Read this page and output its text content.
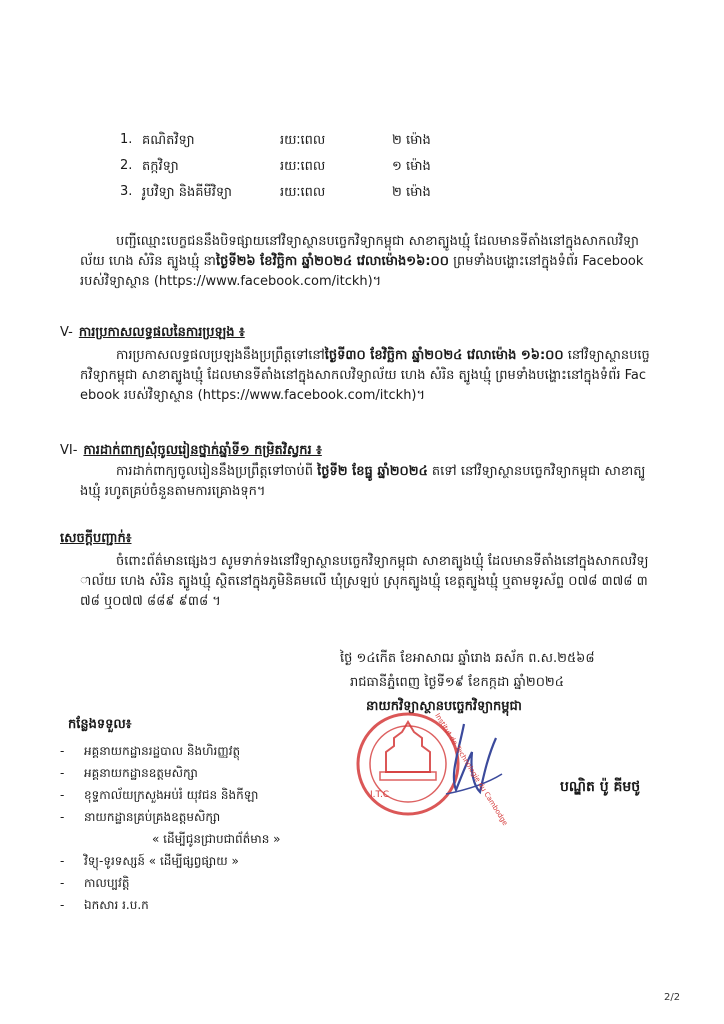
1. គណិតវិទ្យា	រយៈពេល	២ ម៉ោង
2. តក្កវិទ្យា	រយៈពេល	១ ម៉ោង
3. រូបវិទ្យា និងគីមីវិទ្យា	រយៈពេល	២ ម៉ោង
បញ្ជីឈ្មោះបេក្ខជននឹងបិទផ្សាយនៅវិទ្យាស្ថានបច្ចេកវិទ្យាកម្ពុជា សាខាត្បូងឃ្មុំ ដែលមានទីតាំងនៅក្នុងសាកលវិទ្យាល័យ ហេង សំរិន ត្បូងឃ្មុំ នាថ្ងៃទី២៦ ខែវិច្ឆិកា ឆ្នាំ២០២៤ វេលាម៉ោង១៦:០០ ព្រមទាំងបង្ហោះនៅក្នុងទំព័រ Facebook របស់វិទ្យាស្ថាន (https://www.facebook.com/itckh)។
V- ការប្រកាសលទ្ធផលនៃការប្រឡង ៖
ការប្រកាសលទ្ធផលប្រឡងនឹងប្រព្រឹត្តទៅនៅថ្ងៃទី៣០ ខែវិច្ឆិកា ឆ្នាំ២០២៤ វេលាម៉ោង ១៦:០០ នៅវិទ្យាស្ថានបច្ចេកវិទ្យាកម្ពុជា សាខាត្បូងឃ្មុំ ដែលមានទីតាំងនៅក្នុងសាកលវិទ្យាល័យ ហេង សំរិន ត្បូងឃ្មុំ ព្រមទាំងបង្ហោះនៅក្នុងទំព័រ Facebook របស់វិទ្យាស្ថាន (https://www.facebook.com/itckh)។
VI- ការដាក់ពាក្យសុំចូលរៀនថ្នាក់ឆ្នាំទី១ កម្រិតវិស្វករ ៖
ការដាក់ពាក្យចូលរៀននឹងប្រព្រឹត្តទៅចាប់ពី ថ្ងៃទី២ ខែធ្នូ ឆ្នាំ២០២៤ តទៅ នៅវិទ្យាស្ថានបច្ចេកវិទ្យាកម្ពុជា សាខាត្បូងឃ្មុំ រហូតគ្រប់ចំនួនតាមការគ្រោងទុក។
សេចក្តីបញ្ជាក់៖
ចំពោះព័ត៌មានផ្សេងៗ សូមទាក់ទងនៅវិទ្យាស្ថានបច្ចេកវិទ្យាកម្ពុជា សាខាត្បូងឃ្មុំ ដែលមានទីតាំងនៅក្នុងសាកលវិទ្យាល័យ ហេង សំរិន ត្បូងឃ្មុំ ស្ថិតនៅក្នុងភូមិនិគមលើ ឃុំស្រឡប់ ស្រុកត្បូងឃ្មុំ ខេត្តត្បូងឃ្មុំ ឬតាមទូរស័ព្ទ ០៧៨ ៣៧៨ ៣៧៨ ឬ០៧៧ ៨៨៩ ៩៣៨ ។
ថ្ងៃ ១៤កើត ខែអាសាឍ ឆ្នាំរោង ឆស័ក ព.ស.២៥៦៨
រាជធានីភ្នំពេញ ថ្ងៃទី១៩ ខែកក្កដា ឆ្នាំ២០២៤
នាយកវិទ្យាស្ថានបច្ចេកវិទ្យាកម្ពុជា
I.T.C	Institut de Technologie du Cambodge	បណ្ឌិត ប៉ូ គីមថូ
កន្លែងទទួល៖
- អគ្គនាយកដ្ឋានរដ្ឋបាល និងហិរញ្ញវត្ថុ
- អគ្គនាយកដ្ឋានឧត្តមសិក្សា
- ខុទ្ទកាល័យក្រសួងអប់រំ យុវជន និងកីឡា
- នាយកដ្ឋានគ្រប់គ្រងឧត្តមសិក្សា
« ដើម្បីជូនជ្រាបជាព័ត៌មាន »
- វិទ្យុ-ទូរទស្សន៍ « ដើម្បីផ្សព្វផ្សាយ »
- កាលប្បវត្តិ
- ឯកសារ រ.ប.ក
2/2
